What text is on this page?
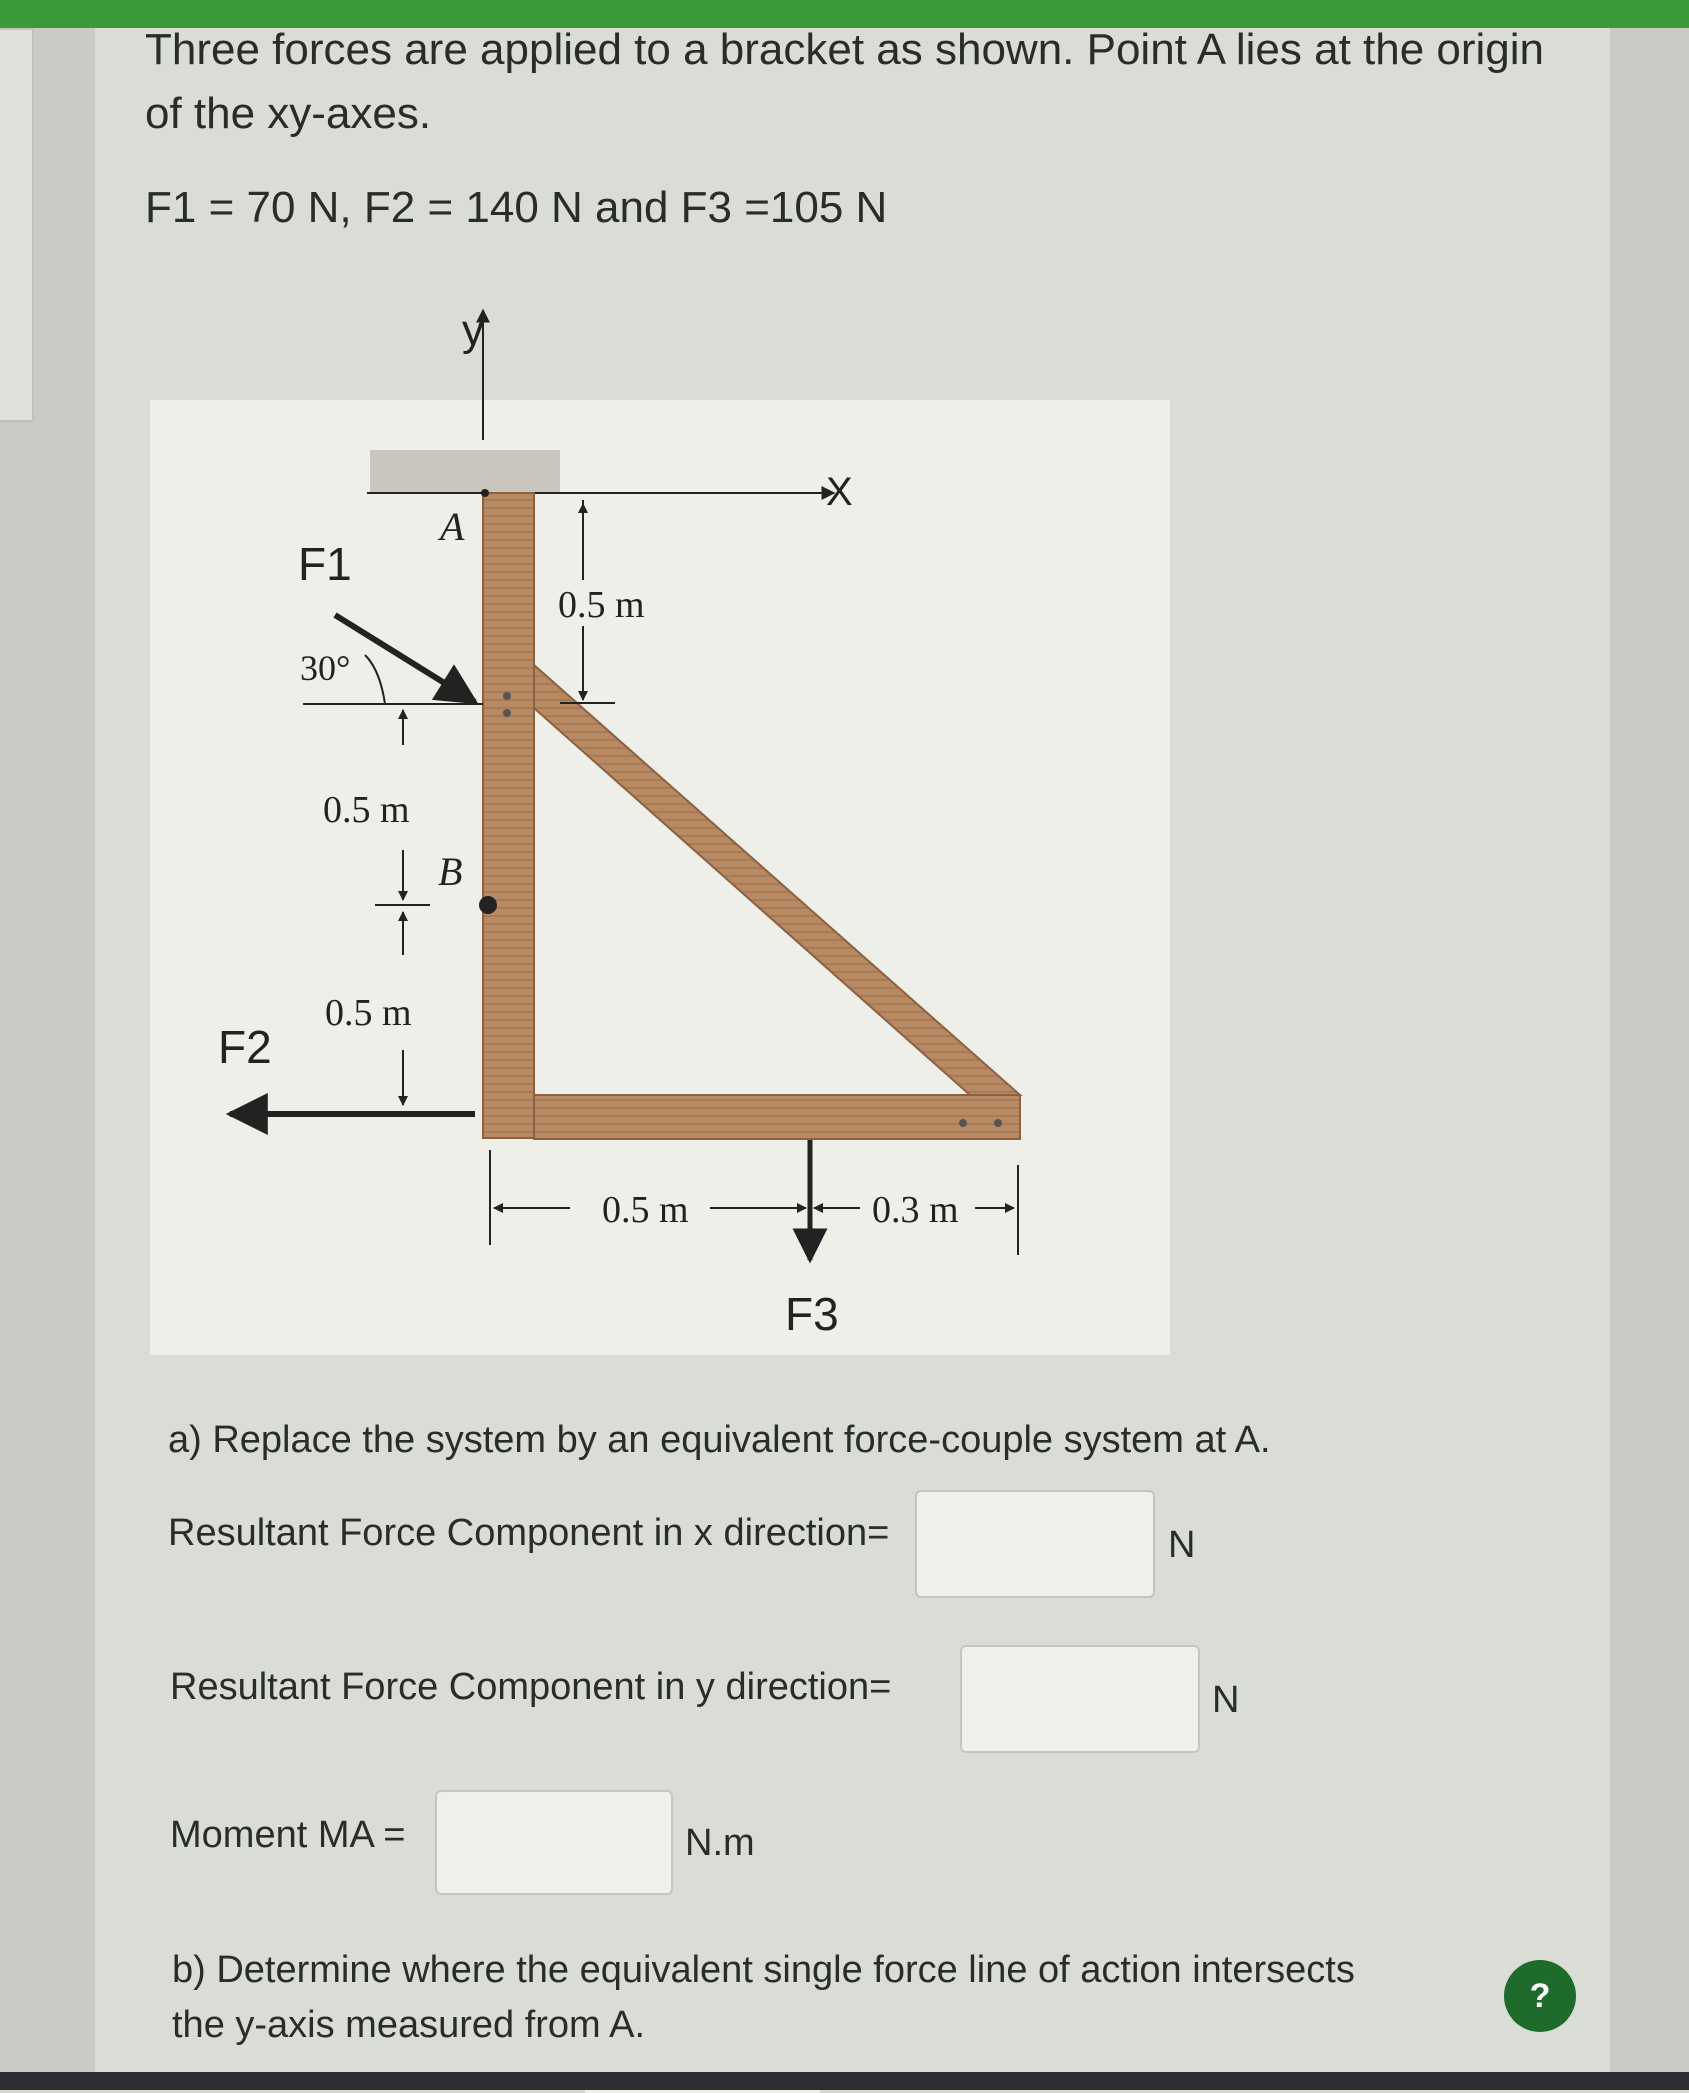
Three forces are applied to a bracket as shown. Point A lies at the origin
of the xy-axes.
F1 = 70 N, F2 = 140 N and F3 =105 N
y
X
A
B
F1
30°
F2
F3
0.5 m
0.5 m
0.5 m
0.5 m	0.3 m
a) Replace the system by an equivalent force-couple system at A.
Resultant Force Component in x direction=	N
Resultant Force Component in y direction=	N
Moment MA =	N.m
b) Determine where the equivalent single force line of action intersects
the y-axis measured from A.
?
